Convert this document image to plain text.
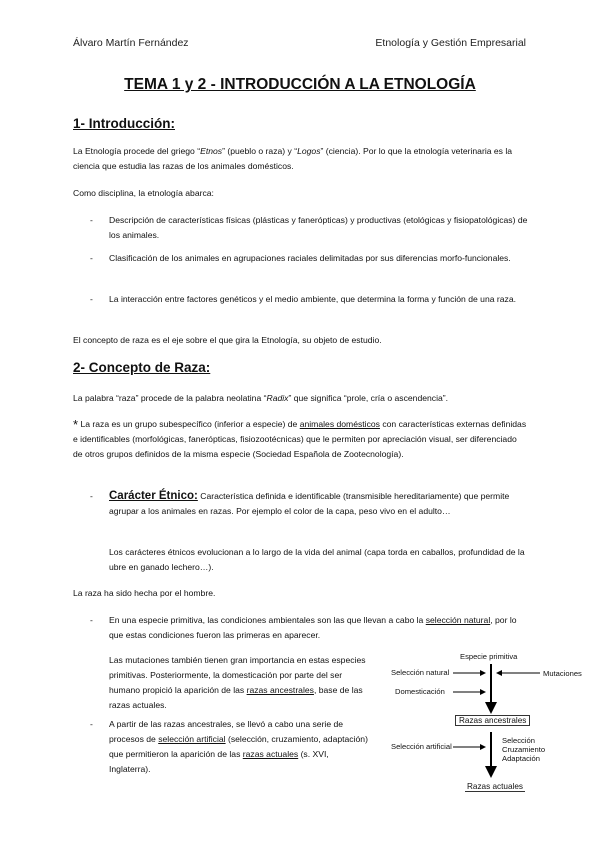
Álvaro Martín Fernández	Etnología y Gestión Empresarial
TEMA 1 y 2 - INTRODUCCIÓN A LA ETNOLOGÍA
1- Introducción:
La Etnología procede del griego “Etnos” (pueblo o raza) y “Logos” (ciencia). Por lo que la etnología veterinaria es la ciencia que estudia las razas de los animales domésticos.
Como disciplina, la etnología abarca:
- Descripción de características físicas (plásticas y fanerópticas) y productivas (etológicas y fisiopatológicas) de los animales.
- Clasificación de los animales en agrupaciones raciales delimitadas por sus diferencias morfo-funcionales.
- La interacción entre factores genéticos y el medio ambiente, que determina la forma y función de una raza.
El concepto de raza es el eje sobre el que gira la Etnología, su objeto de estudio.
2- Concepto de Raza:
La palabra “raza” procede de la palabra neolatina “Radix” que significa “prole, cría o ascendencia”.
* La raza es un grupo subespecífico (inferior a especie) de animales domésticos con características externas definidas e identificables (morfológicas, fanerópticas, fisiozootécnicas) que le permiten por apreciación visual, ser diferenciado de otros grupos definidos de la misma especie (Sociedad Española de Zootecnología).
- Carácter Étnico: Característica definida e identificable (transmisible hereditariamente) que permite agrupar a los animales en razas. Por ejemplo el color de la capa, peso vivo en el adulto…
Los carácteres étnicos evolucionan a lo largo de la vida del animal (capa torda en caballos, profundidad de la ubre en ganado lechero…).
La raza ha sido hecha por el hombre.
- En una especie primitiva, las condiciones ambientales son las que llevan a cabo la selección natural, por lo que estas condiciones fueron las primeras en aparecer.
Las mutaciones también tienen gran importancia en estas especies primitivas. Posteriormente, la domesticación por parte del ser humano propició la aparición de las razas ancestrales, base de las razas actuales.
- A partir de las razas ancestrales, se llevó a cabo una serie de procesos de selección artificial (selección, cruzamiento, adaptación) que permitieron la aparición de las razas actuales (s. XVI, Inglaterra).
Especie primitiva
Selección natural
Domesticación
Mutaciones
Razas ancestrales
Selección artificial
Selección
Cruzamiento
Adaptación
Razas actuales
